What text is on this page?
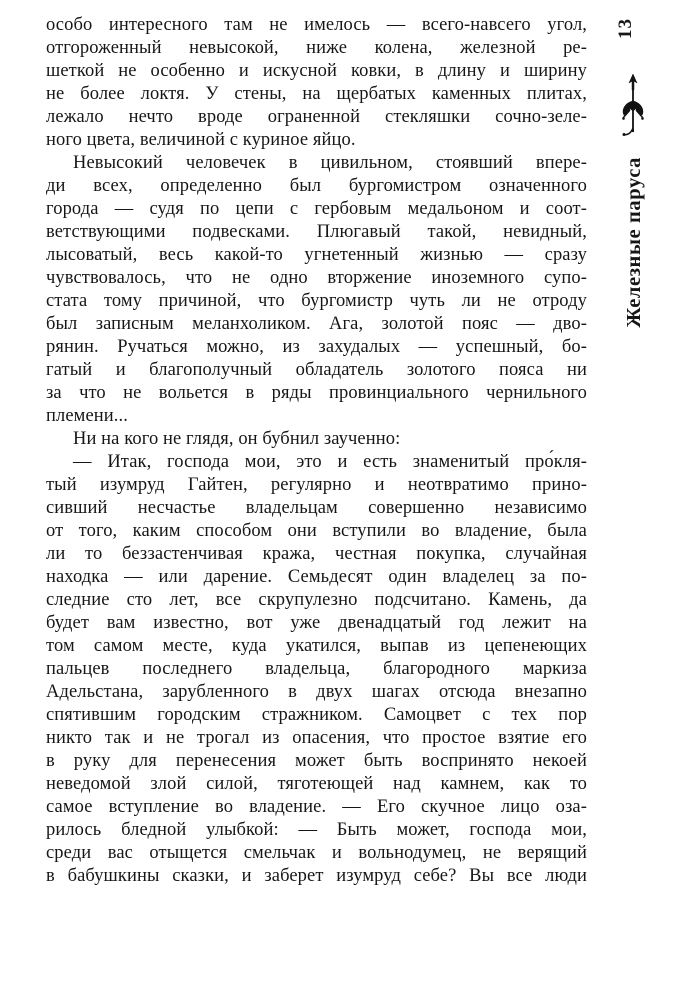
особо интересного там не имелось — всего-навсего угол,
отгороженный невысокой, ниже колена, железной ре-
шеткой не особенно и искусной ковки, в длину и ширину
не более локтя. У стены, на щербатых каменных плитах,
лежало нечто вроде ограненной стекляшки сочно-зеле-
ного цвета, величиной с куриное яйцо.
Невысокий человечек в цивильном, стоявший впере-
ди всех, определенно был бургомистром означенного
города — судя по цепи с гербовым медальоном и соот-
ветствующими подвесками. Плюгавый такой, невидный,
лысоватый, весь какой-то угнетенный жизнью — сразу
чувствовалось, что не одно вторжение иноземного супо-
стата тому причиной, что бургомистр чуть ли не отроду
был записным меланхоликом. Ага, золотой пояс — дво-
рянин. Ручаться можно, из захудалых — успешный, бо-
гатый и благополучный обладатель золотого пояса ни
за что не вольется в ряды провинциального чернильного
племени...
Ни на кого не глядя, он бубнил заученно:
— Итак, господа мои, это и есть знаменитый про́кля-
тый изумруд Гайтен, регулярно и неотвратимо прино-
сивший несчастье владельцам совершенно независимо
от того, каким способом они вступили во владение, была
ли то беззастенчивая кража, честная покупка, случайная
находка — или дарение. Семьдесят один владелец за по-
следние сто лет, все скрупулезно подсчитано. Камень, да
будет вам известно, вот уже двенадцатый год лежит на
том самом месте, куда укатился, выпав из цепенеющих
пальцев последнего владельца, благородного маркиза
Адельстана, зарубленного в двух шагах отсюда внезапно
спятившим городским стражником. Самоцвет с тех пор
никто так и не трогал из опасения, что простое взятие его
в руку для перенесения может быть воспринято некоей
неведомой злой силой, тяготеющей над камнем, как то
самое вступление во владение. — Его скучное лицо оза-
рилось бледной улыбкой: — Быть может, господа мои,
среди вас отыщется смельчак и вольнодумец, не верящий
в бабушкины сказки, и заберет изумруд себе? Вы все люди
13
Железные паруса
